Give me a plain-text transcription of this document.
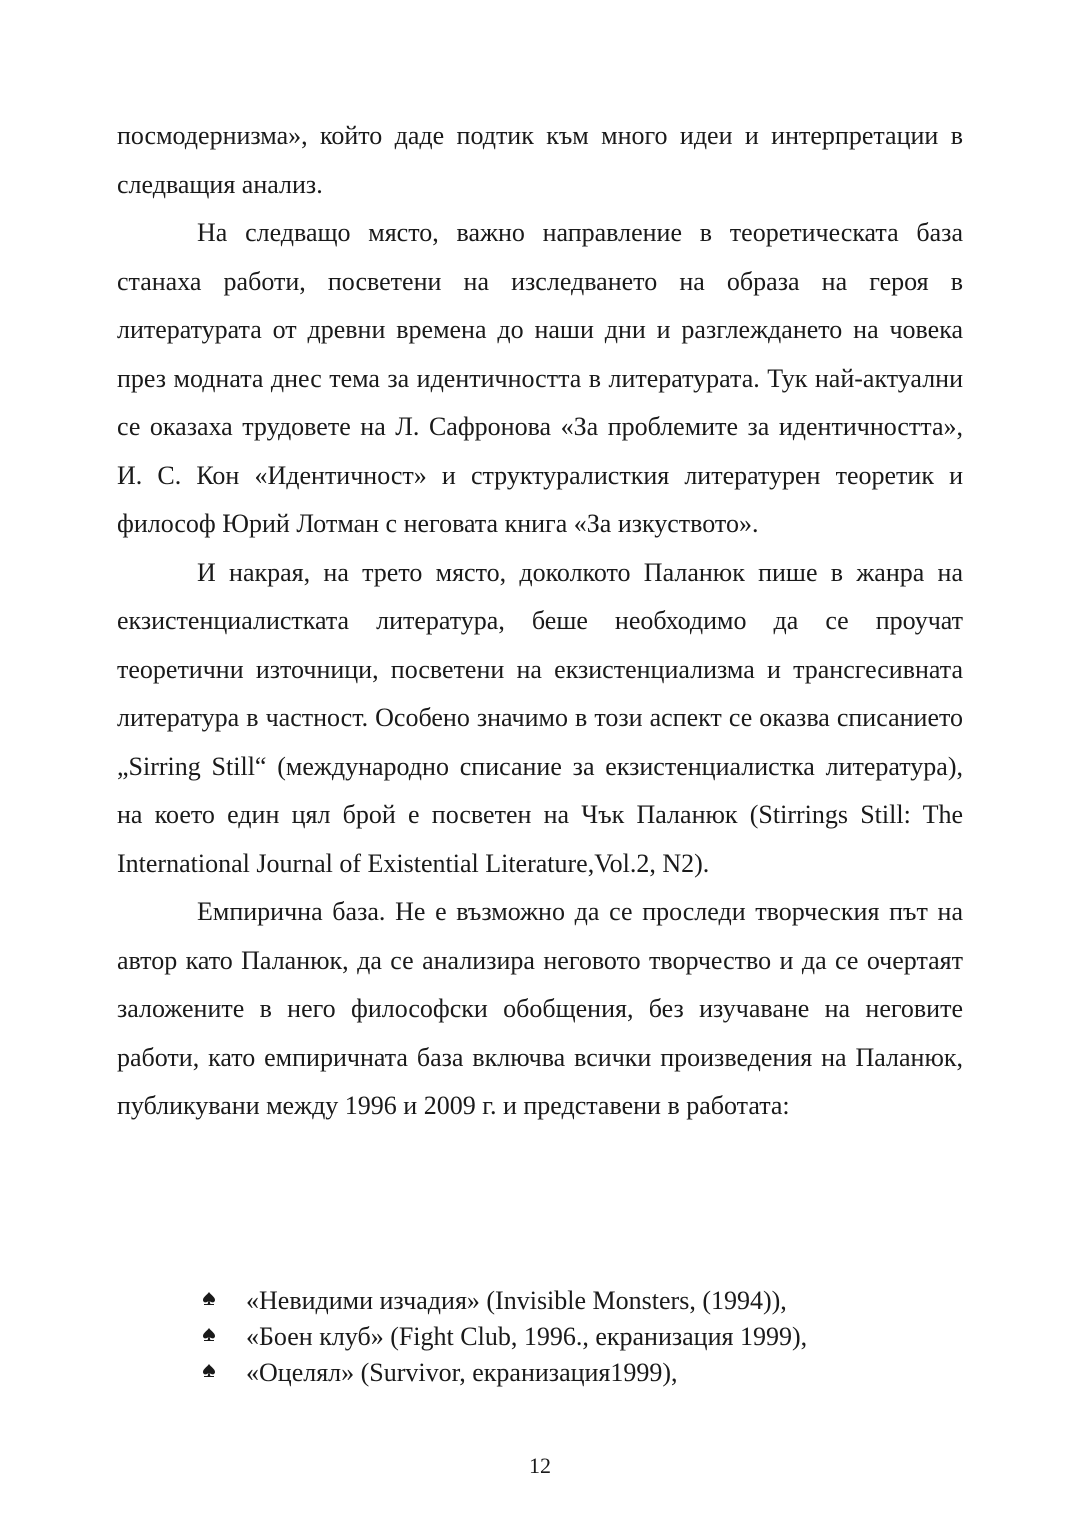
посмодернизма», който даде подтик към много идеи и интерпретации в следващия анализ.

На следващо място, важно направление в теоретическата база станаха работи, посветени на изследването на образа на героя в литературата от древни времена до наши дни и разглеждането на човека през модната днес тема за идентичността в литературата. Тук най-актуални се оказаха трудовете на Л. Сафронова «За проблемите за идентичността», И. С. Кон «Идентичност» и структуралисткия литературен теоретик и философ Юрий Лотман с неговата книга «За изкуството».

И накрая, на трето място, доколкото Паланюк пише в жанра на екзистенциалистката литература, беше необходимо да се проучат теоретични източници, посветени на екзистенциализма и трансгесивната литература в частност. Особено значимо в този аспект се оказва списанието „Sirring Still“ (международно списание за екзистенциалистка литература), на което един цял брой е посветен на Чък Паланюк (Stirrings Still: The International Journal of Existential Literature,Vol.2, N2).

Емпирична база. Не е възможно да се проследи творческия път на автор като Паланюк, да се анализира неговото творчество и да се очертаят заложените в него философски обобщения, без изучаване на неговите работи, като емпиричната база включва всички произведения на Паланюк, публикувани между 1996 и 2009 г. и представени в работата:

«Невидими изчадия» (Invisible Monsters, (1994)),
«Боен клуб» (Fight Club, 1996., екранизация 1999),
«Оцелял» (Survivor, екранизация1999),
12
